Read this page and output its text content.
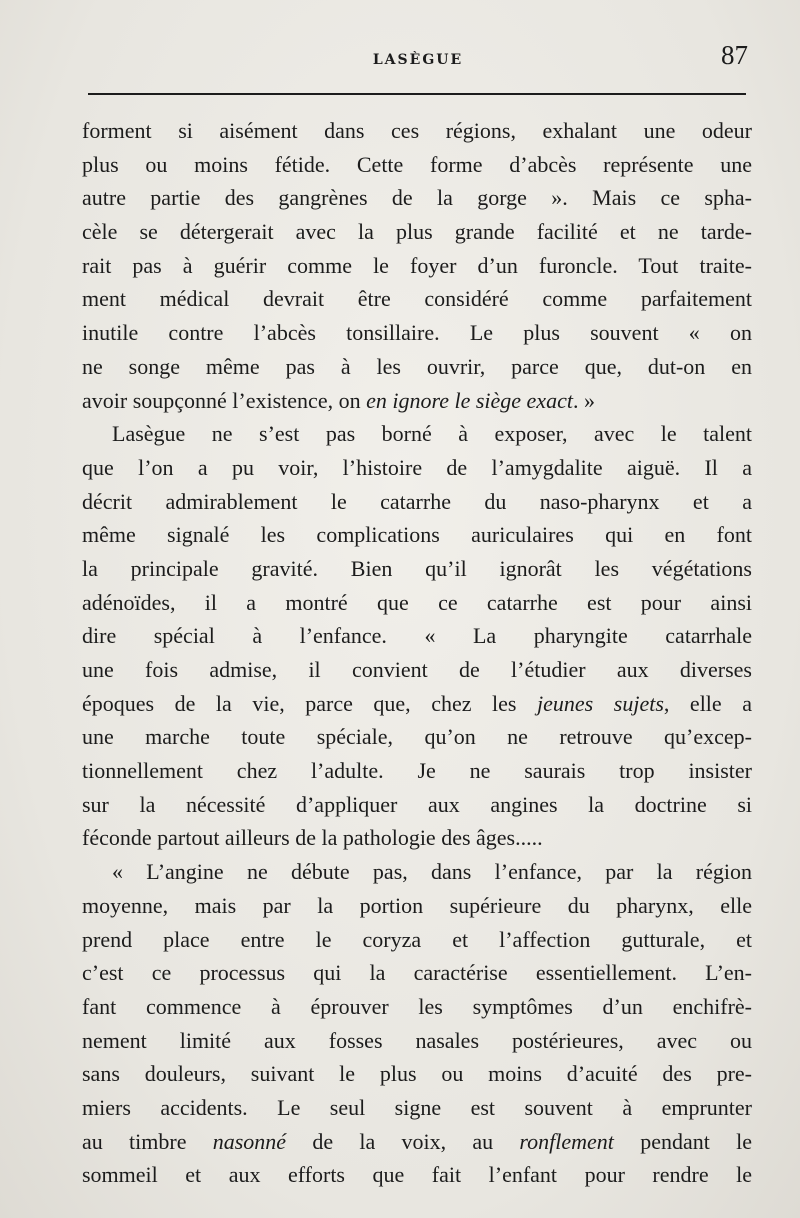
LASÈGUE	87
forment si aisément dans ces régions, exhalant une odeur
plus ou moins fétide. Cette forme d’abcès représente une
autre partie des gangrènes de la gorge ». Mais ce spha-
cèle se détergerait avec la plus grande facilité et ne tarde-
rait pas à guérir comme le foyer d’un furoncle. Tout traite-
ment médical devrait être considéré comme parfaitement
inutile contre l’abcès tonsillaire. Le plus souvent « on
ne songe même pas à les ouvrir, parce que, dut-on en
avoir soupçonné l’existence, on en ignore le siège exact. »
Lasègue ne s’est pas borné à exposer, avec le talent
que l’on a pu voir, l’histoire de l’amygdalite aiguë. Il a
décrit admirablement le catarrhe du naso-pharynx et a
même signalé les complications auriculaires qui en font
la principale gravité. Bien qu’il ignorât les végétations
adénoïdes, il a montré que ce catarrhe est pour ainsi
dire spécial à l’enfance. « La pharyngite catarrhale
une fois admise, il convient de l’étudier aux diverses
époques de la vie, parce que, chez les jeunes sujets, elle a
une marche toute spéciale, qu’on ne retrouve qu’excep-
tionnellement chez l’adulte. Je ne saurais trop insister
sur la nécessité d’appliquer aux angines la doctrine si
féconde partout ailleurs de la pathologie des âges.....
« L’angine ne débute pas, dans l’enfance, par la région
moyenne, mais par la portion supérieure du pharynx, elle
prend place entre le coryza et l’affection gutturale, et
c’est ce processus qui la caractérise essentiellement. L’en-
fant commence à éprouver les symptômes d’un enchifrè-
nement limité aux fosses nasales postérieures, avec ou
sans douleurs, suivant le plus ou moins d’acuité des pre-
miers accidents. Le seul signe est souvent à emprunter
au timbre nasonné de la voix, au ronflement pendant le
sommeil et aux efforts que fait l’enfant pour rendre le
